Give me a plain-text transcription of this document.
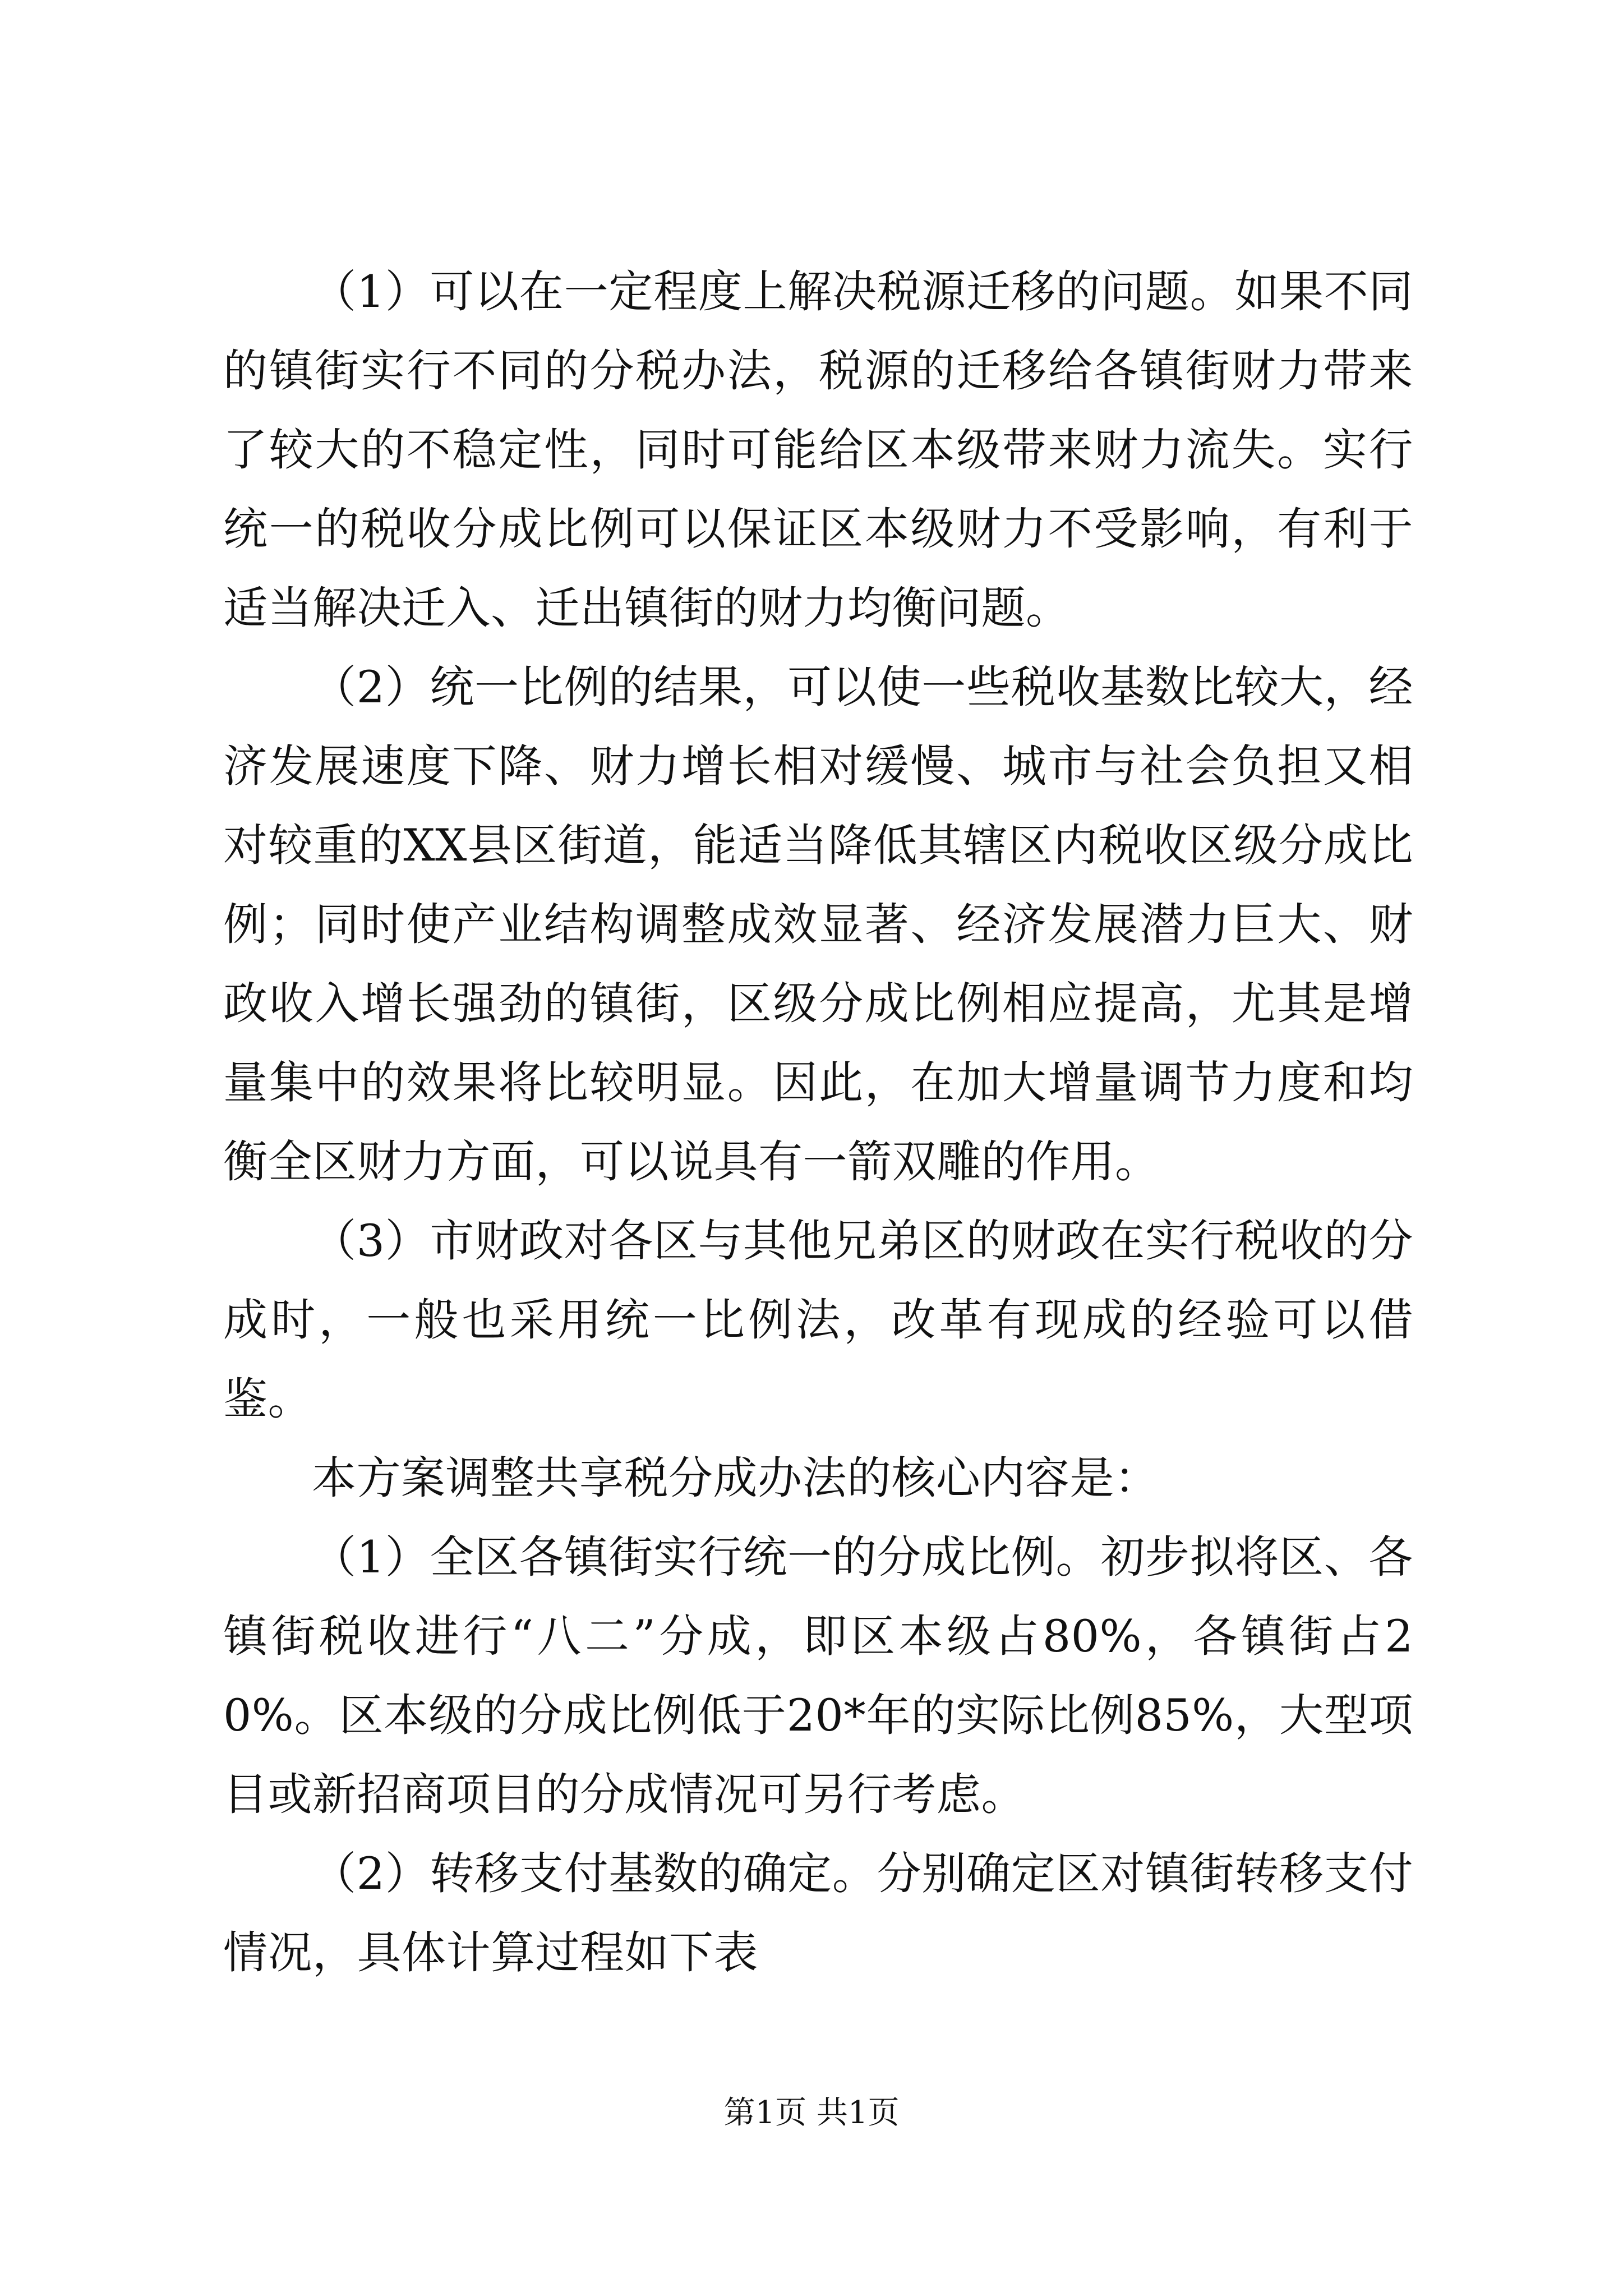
（1）可以在一定程度上解决税源迁移的问题。如果不同的镇街实行不同的分税办法，税源的迁移给各镇街财力带来了较大的不稳定性，同时可能给区本级带来财力流失。实行统一的税收分成比例可以保证区本级财力不受影响，有利于适当解决迁入、迁出镇街的财力均衡问题。

（2）统一比例的结果，可以使一些税收基数比较大，经济发展速度下降、财力增长相对缓慢、城市与社会负担又相对较重的XX县区街道，能适当降低其辖区内税收区级分成比例；同时使产业结构调整成效显著、经济发展潜力巨大、财政收入增长强劲的镇街，区级分成比例相应提高，尤其是增量集中的效果将比较明显。因此，在加大增量调节力度和均衡全区财力方面，可以说具有一箭双雕的作用。

（3）市财政对各区与其他兄弟区的财政在实行税收的分成时，一般也采用统一比例法，改革有现成的经验可以借鉴。

本方案调整共享税分成办法的核心内容是：

（1）全区各镇街实行统一的分成比例。初步拟将区、各镇街税收进行“八二”分成，即区本级占80%，各镇街占20%。区本级的分成比例低于20*年的实际比例85%，大型项目或新招商项目的分成情况可另行考虑。

（2）转移支付基数的确定。分别确定区对镇街转移支付情况，具体计算过程如下表

第1页 共1页
